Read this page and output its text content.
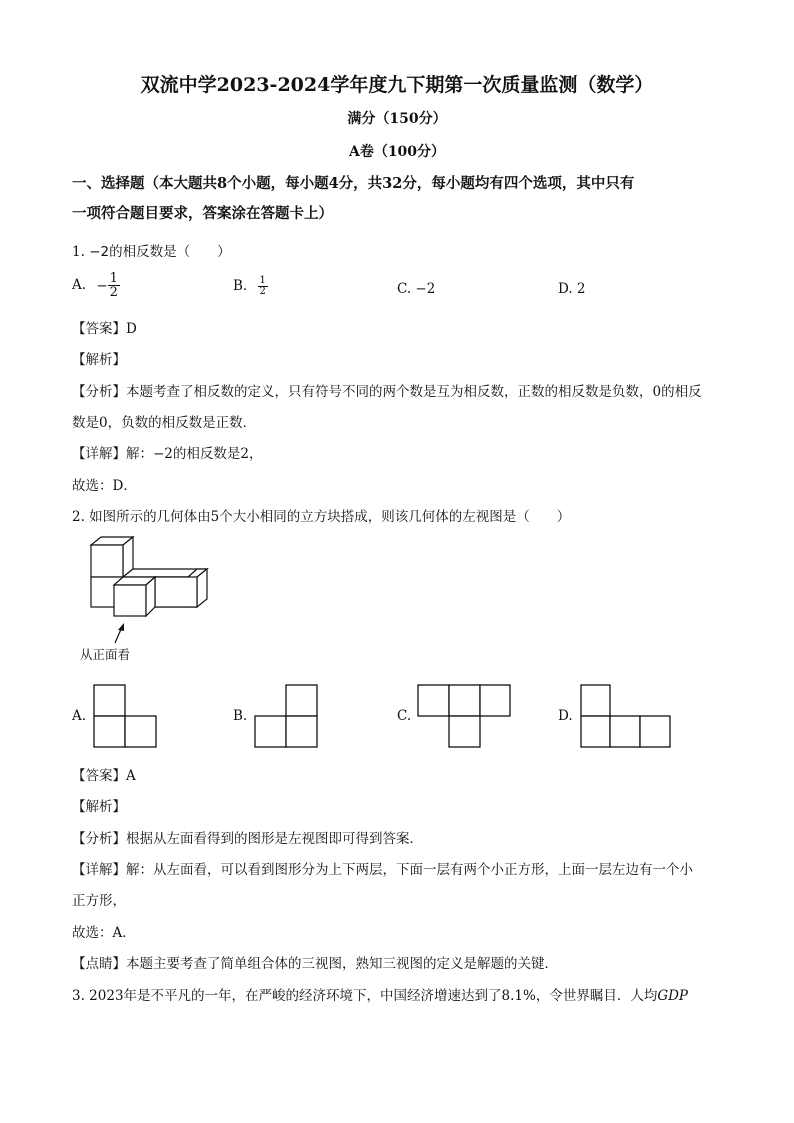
双流中学2023-2024学年度九下期第一次质量监测（数学）
满分（150分）
A卷（100分）
一、选择题（本大题共8个小题，每小题4分，共32分，每小题均有四个选项，其中只有
一项符合题目要求，答案涂在答题卡上）
1. −2的相反数是（　　）
A. − $\frac{1}{2}$	B. $\frac{1}{2}$	C. −2	D. 2
【答案】D
【解析】
【分析】本题考查了相反数的定义，只有符号不同的两个数是互为相反数，正数的相反数是负数，0的相反
数是0，负数的相反数是正数．
【详解】解：−2的相反数是2，
故选：D．
2. 如图所示的几何体由5个大小相同的立方块搭成，则该几何体的左视图是（　　）
从正面看
A.	B.	C.	D.
【答案】A
【解析】
【分析】根据从左面看得到的图形是左视图即可得到答案．
【详解】解：从左面看，可以看到图形分为上下两层，下面一层有两个小正方形，上面一层左边有一个小
正方形，
故选：A．
【点睛】本题主要考查了简单组合体的三视图，熟知三视图的定义是解题的关键．
3. 2023年是不平凡的一年，在严峻的经济环境下，中国经济增速达到了8.1%，令世界瞩目．人均GDP
